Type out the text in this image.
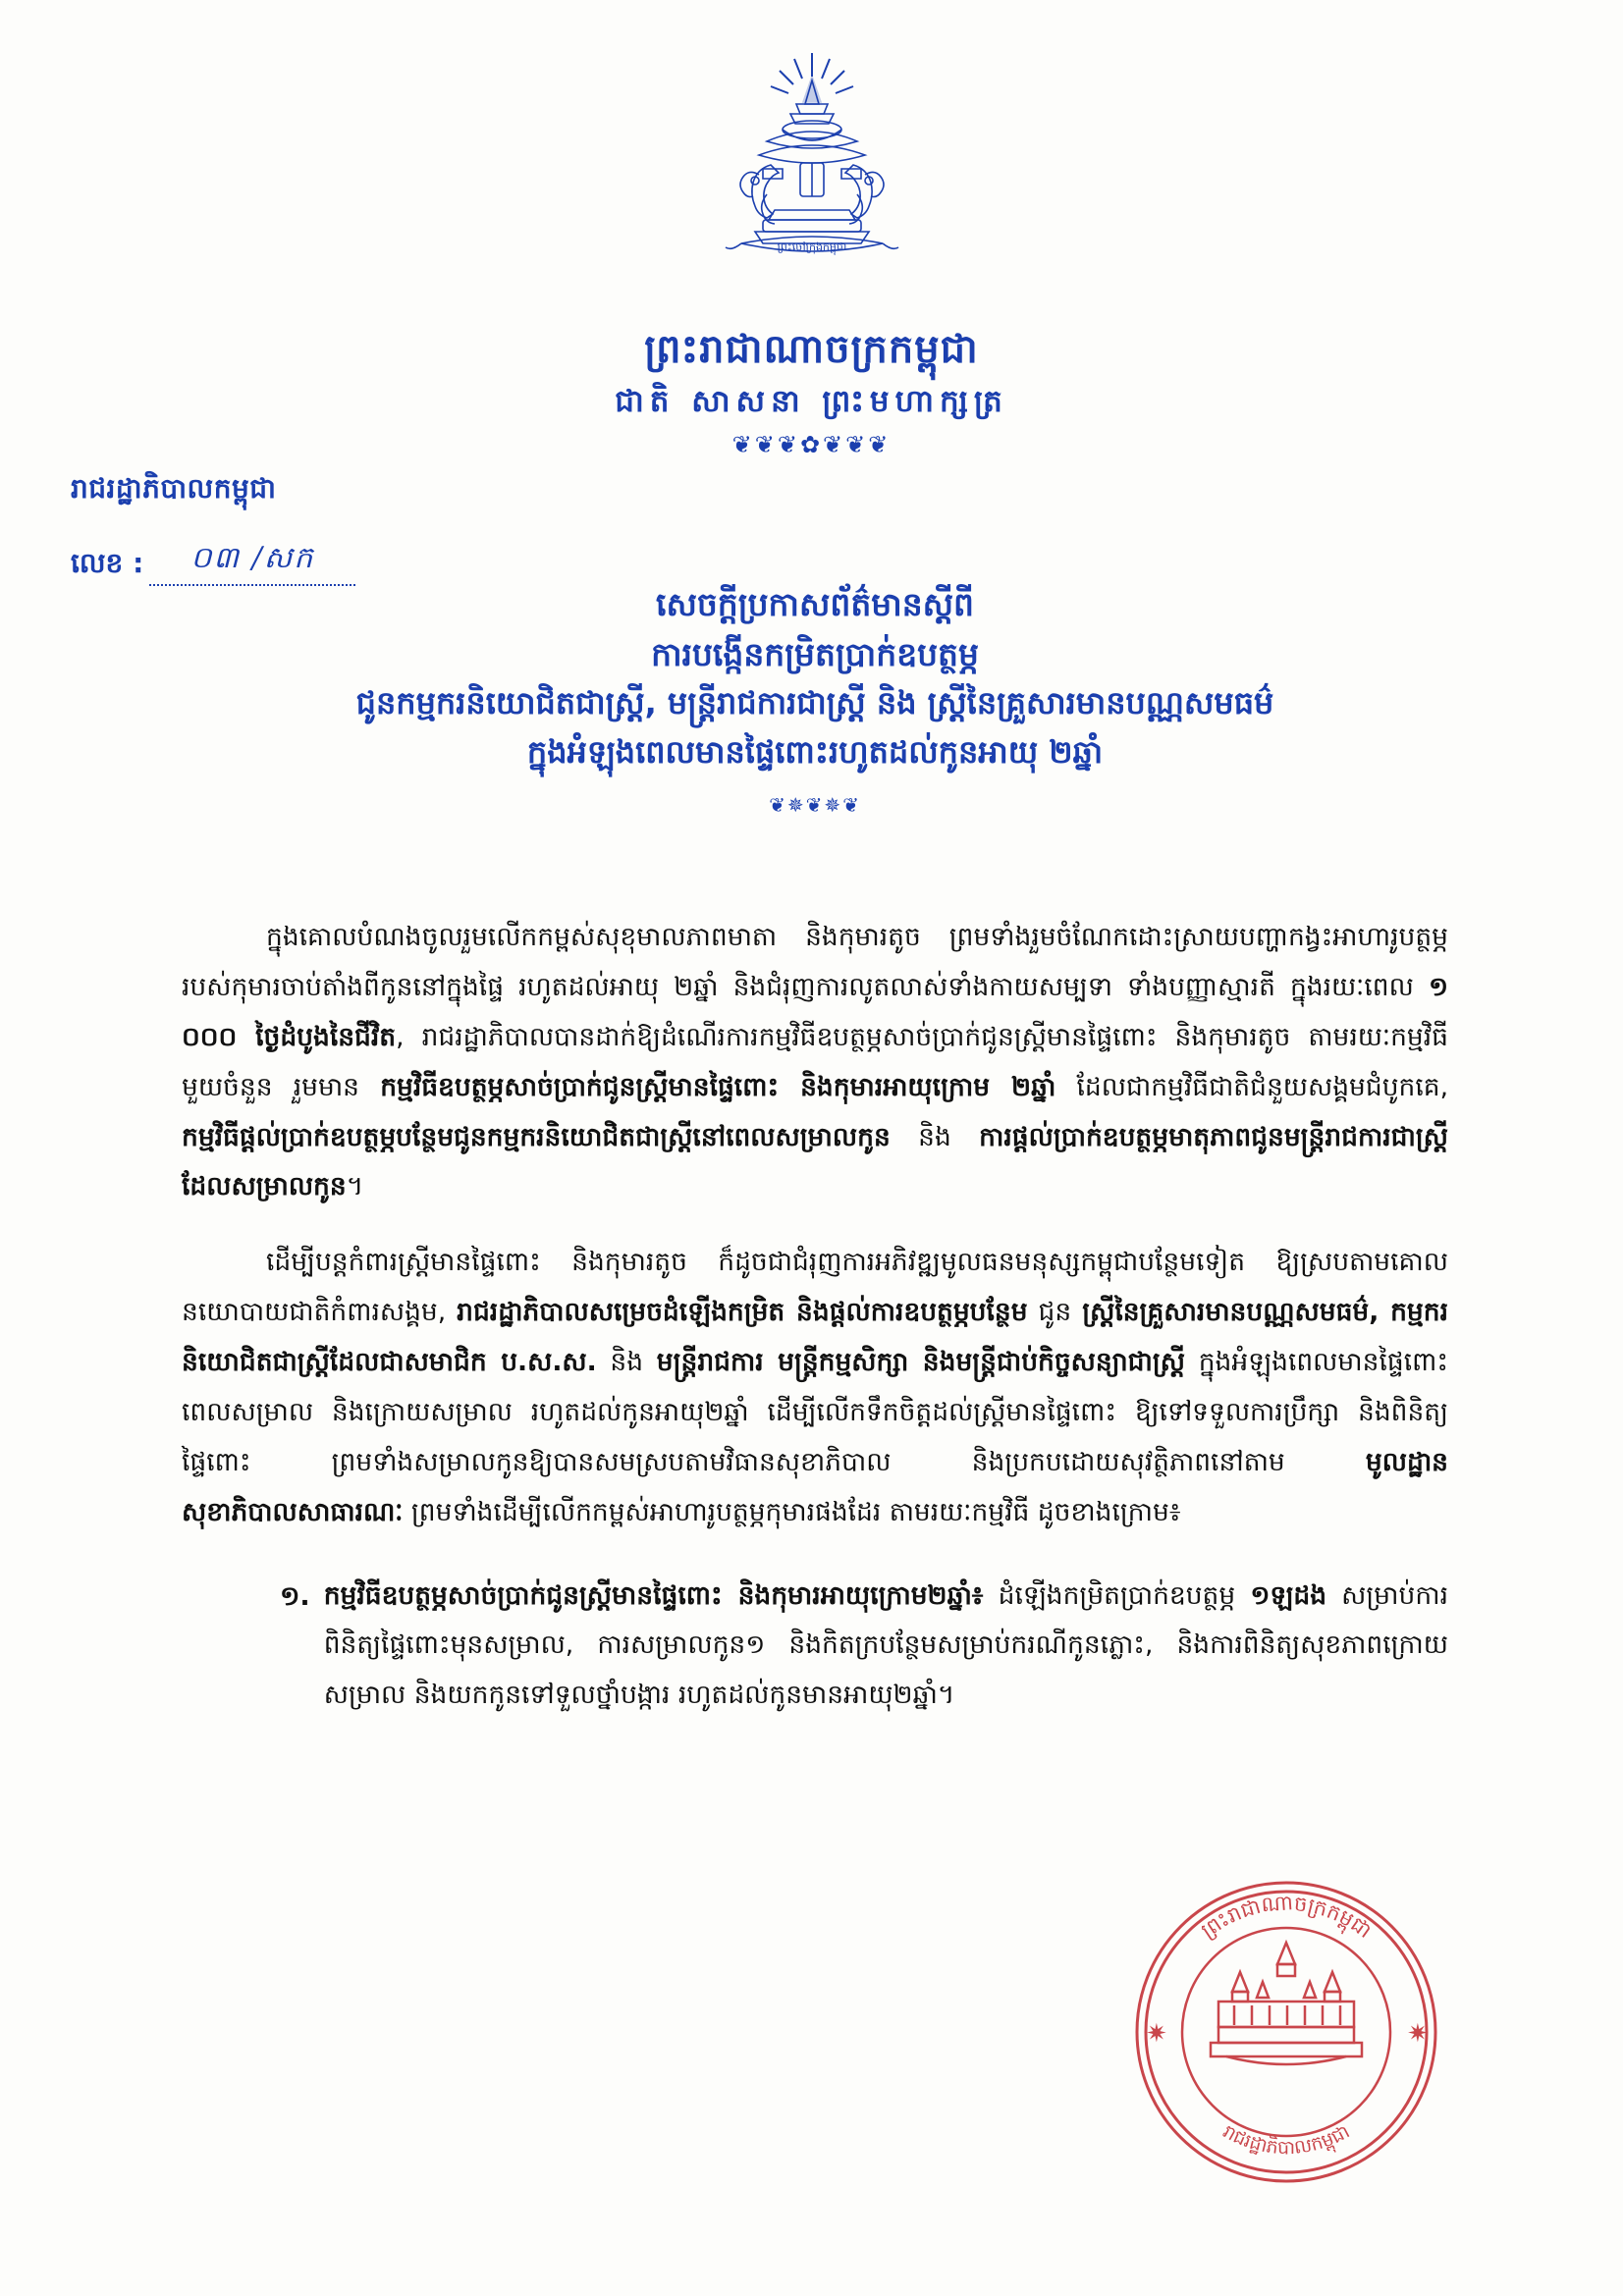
ព្រះចៅក្រុងកម្ពុជា
ព្រះរាជាណាចក្រកម្ពុជា
ជាតិ សាសនា ព្រះមហាក្សត្រ
❦❦❦✿❦❦❦
រាជរដ្ឋាភិបាលកម្ពុជា
លេខ :	០៣ /សក
សេចក្ដីប្រកាសព័ត៌មានស្ដីពី
ការបង្កើនកម្រិតប្រាក់ឧបត្ថម្ភ
ជូនកម្មករនិយោជិតជាស្ត្រី, មន្ត្រីរាជការជាស្ត្រី និង ស្ត្រីនៃគ្រួសារមានបណ្ណសមធម៌
ក្នុងអំឡុងពេលមានផ្ទៃពោះរហូតដល់កូនអាយុ ២ឆ្នាំ
❦✵❦✵❦
ក្នុងគោលបំណងចូលរួមលើកកម្ពស់សុខុមាលភាពមាតា និងកុមារតូច ព្រមទាំងរួមចំណែកដោះស្រាយបញ្ហាកង្វះអាហារូបត្ថម្ភរបស់កុមារចាប់តាំងពីកូននៅក្នុងផ្ទៃ រហូតដល់អាយុ ២ឆ្នាំ និងជំរុញការលូតលាស់ទាំងកាយសម្បទា ទាំងបញ្ញាស្មារតី ក្នុងរយៈពេល ១ ០០០ ថ្ងៃដំបូងនៃជីវិត, រាជរដ្ឋាភិបាលបានដាក់ឱ្យដំណើរការកម្មវិធីឧបត្ថម្ភសាច់ប្រាក់ជូនស្ត្រីមានផ្ទៃពោះ និងកុមារតូច តាមរយៈកម្មវិធីមួយចំនួន រួមមាន កម្មវិធីឧបត្ថម្ភសាច់ប្រាក់ជូនស្ត្រីមានផ្ទៃពោះ និងកុមារអាយុក្រោម ២ឆ្នាំ ដែលជាកម្មវិធីជាតិជំនួយសង្គមជំបូកគេ, កម្មវិធីផ្ដល់ប្រាក់ឧបត្ថម្ភបន្ថែមជូនកម្មករនិយោជិតជាស្ត្រីនៅពេលសម្រាលកូន និង ការផ្ដល់ប្រាក់ឧបត្ថម្ភមាតុភាពជូនមន្ត្រីរាជការជាស្ត្រីដែលសម្រាលកូន។
ដើម្បីបន្តកំពារស្ត្រីមានផ្ទៃពោះ និងកុមារតូច ក៏ដូចជាជំរុញការអភិវឌ្ឍមូលធនមនុស្សកម្ពុជាបន្ថែមទៀត ឱ្យស្របតាមគោលនយោបាយជាតិកំពារសង្គម, រាជរដ្ឋាភិបាលសម្រេចដំឡើងកម្រិត និងផ្ដល់ការឧបត្ថម្ភបន្ថែម ជូន ស្ត្រីនៃគ្រួសារមានបណ្ណសមធម៌, កម្មករនិយោជិតជាស្ត្រីដែលជាសមាជិក ប.ស.ស. និង មន្ត្រីរាជការ មន្ត្រីកម្មសិក្សា និងមន្ត្រីជាប់កិច្ចសន្យាជាស្ត្រី ក្នុងអំឡុងពេលមានផ្ទៃពោះ ពេលសម្រាល និងក្រោយសម្រាល រហូតដល់កូនអាយុ២ឆ្នាំ ដើម្បីលើកទឹកចិត្តដល់ស្ត្រីមានផ្ទៃពោះ ឱ្យទៅទទួលការប្រឹក្សា និងពិនិត្យផ្ទៃពោះ ព្រមទាំងសម្រាលកូនឱ្យបានសមស្របតាមវិធានសុខាភិបាល និងប្រកបដោយសុវត្ថិភាពនៅតាម មូលដ្ឋានសុខាភិបាលសាធារណៈ ព្រមទាំងដើម្បីលើកកម្ពស់អាហារូបត្ថម្ភកុមារផងដែរ តាមរយៈកម្មវិធី ដូចខាងក្រោម៖
១. កម្មវិធីឧបត្ថម្ភសាច់ប្រាក់ជូនស្ត្រីមានផ្ទៃពោះ និងកុមារអាយុក្រោម២ឆ្នាំ៖ ដំឡើងកម្រិតប្រាក់ឧបត្ថម្ភ ១ឡដង សម្រាប់ការពិនិត្យផ្ទៃពោះមុនសម្រាល, ការសម្រាលកូន១ និងកិតក្របន្ថែមសម្រាប់ករណីកូនភ្លោះ, និងការពិនិត្យសុខភាពក្រោយសម្រាល និងយកកូនទៅទួលថ្នាំបង្ការ រហូតដល់កូនមានអាយុ២ឆ្នាំ។
✷	✷
ព្រះរាជាណាចក្រកម្ពុជា
រាជរដ្ឋាភិបាលកម្ពុជា
